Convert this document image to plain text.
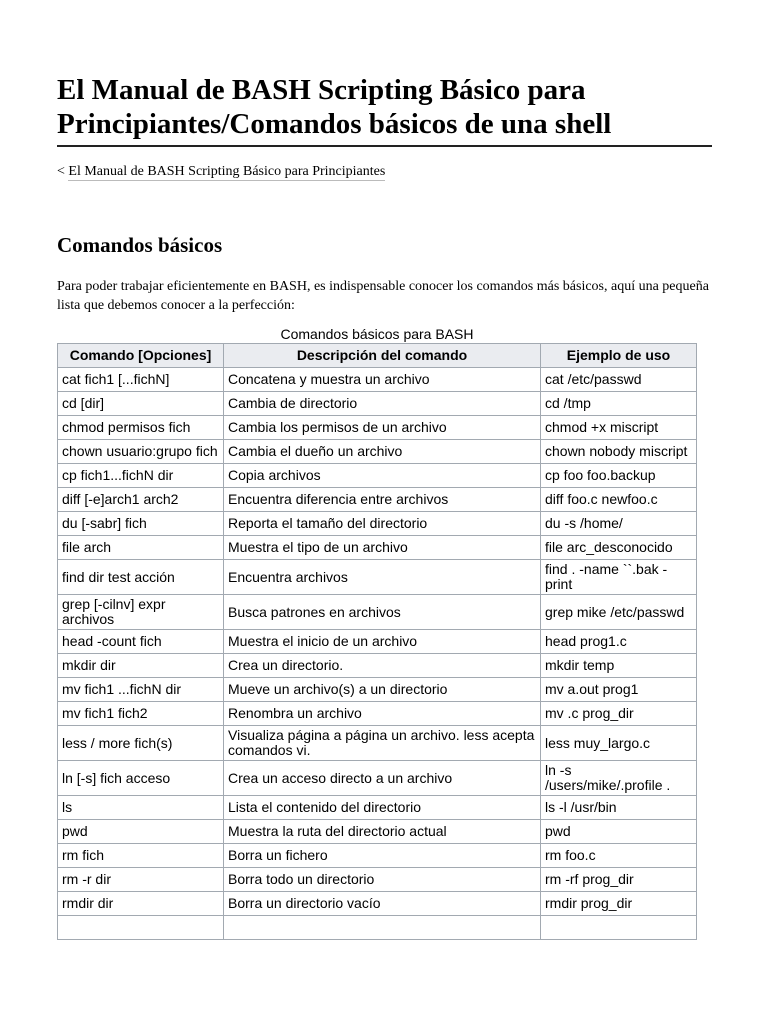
El Manual de BASH Scripting Básico para Principiantes/Comandos básicos de una shell
< El Manual de BASH Scripting Básico para Principiantes
Comandos básicos

Para poder trabajar eficientemente en BASH, es indispensable conocer los comandos más básicos, aquí una pequeña lista que debemos conocer a la perfección:

Comandos básicos para BASH
Comando [Opciones]	Descripción del comando	Ejemplo de uso
cat fich1 [...fichN]	Concatena y muestra un archivo	cat /etc/passwd
cd [dir]	Cambia de directorio	cd /tmp
chmod permisos fich	Cambia los permisos de un archivo	chmod +x miscript
chown usuario:grupo fich	Cambia el dueño un archivo	chown nobody miscript
cp fich1...fichN dir	Copia archivos	cp foo foo.backup
diff [-e]arch1 arch2	Encuentra diferencia entre archivos	diff foo.c newfoo.c
du [-sabr] fich	Reporta el tamaño del directorio	du -s /home/
file arch	Muestra el tipo de un archivo	file arc_desconocido
find dir test acción	Encuentra archivos	find . -name ``.bak -print
grep [-cilnv] expr archivos	Busca patrones en archivos	grep mike /etc/passwd
head -count fich	Muestra el inicio de un archivo	head prog1.c
mkdir dir	Crea un directorio.	mkdir temp
mv fich1 ...fichN dir	Mueve un archivo(s) a un directorio	mv a.out prog1
mv fich1 fich2	Renombra un archivo	mv .c prog_dir
less / more fich(s)	Visualiza página a página un archivo. less acepta comandos vi.	less muy_largo.c
ln [-s] fich acceso	Crea un acceso directo a un archivo	ln -s /users/mike/.profile .
ls	Lista el contenido del directorio	ls -l /usr/bin
pwd	Muestra la ruta del directorio actual	pwd
rm fich	Borra un fichero	rm foo.c
rm -r dir	Borra todo un directorio	rm -rf prog_dir
rmdir dir	Borra un directorio vacío	rmdir prog_dir
